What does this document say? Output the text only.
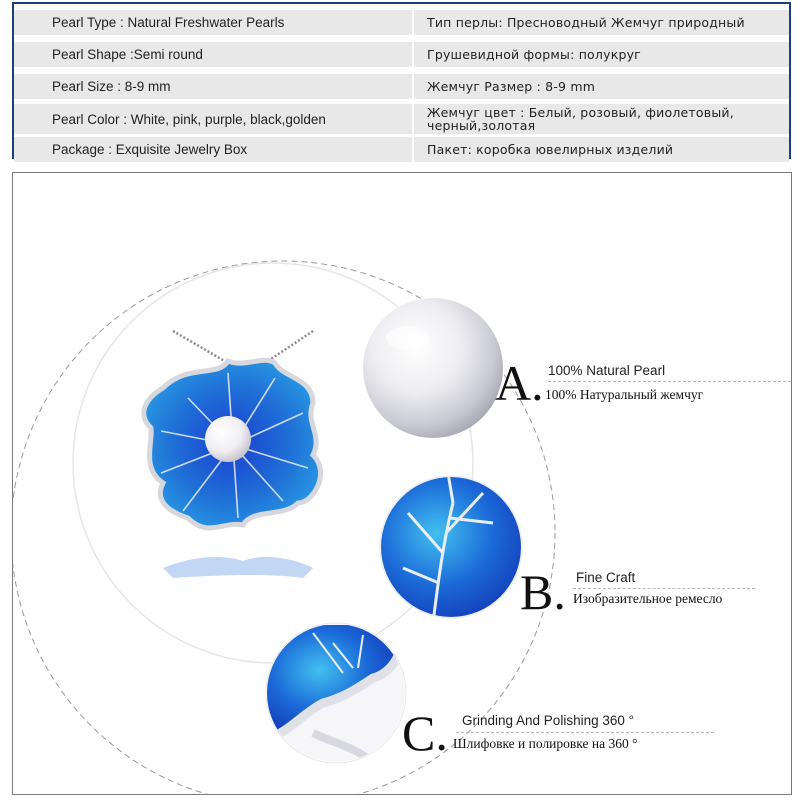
Pearl Type : Natural Freshwater Pearls	Тип перлы: Пресноводный Жемчуг природный
Pearl Shape :Semi round	Грушевидной формы: полукруг
Pearl Size : 8-9 mm	Жемчуг Размер : 8-9 mm
Pearl Color : White, pink, purple, black,golden	Жемчуг цвет : Белый, розовый, фиолетовый, черный,золотая
Package : Exquisite Jewelry Box	Пакет: коробка ювелирных изделий
A. 100% Natural Pearl
100% Натуральный жемчуг
B. Fine Craft
Изобразительное ремесло
C. Grinding And Polishing 360 °
Шлифовке и полировке на 360 °
